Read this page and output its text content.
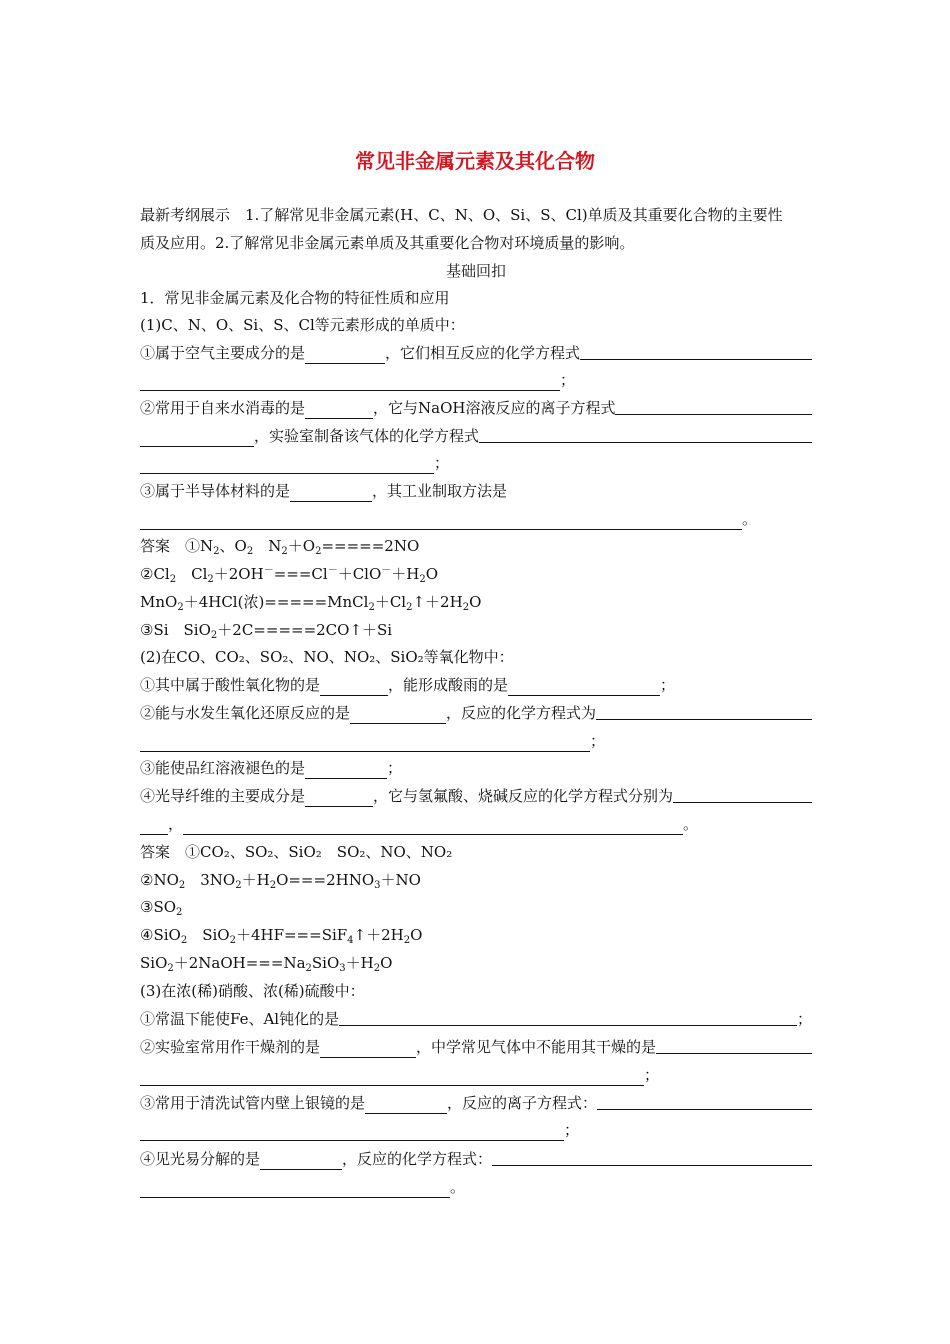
常见非金属元素及其化合物
最新考纲展示　1.了解常见非金属元素(H、C、N、O、Si、S、Cl)单质及其重要化合物的主要性
质及应用。2.了解常见非金属元素单质及其重要化合物对环境质量的影响。
基础回扣
1．常见非金属元素及化合物的特征性质和应用
(1)C、N、O、Si、S、Cl等元素形成的单质中：
①属于空气主要成分的是	，它们相互反应的化学方程式
；
②常用于自来水消毒的是	，它与NaOH溶液反应的离子方程式
，实验室制备该气体的化学方程式
；
③属于半导体材料的是	，其工业制取方法是
。
答案　 $①N_2$、$O_2$　$N_2+O_2=====2NO$
$②Cl_2$　$Cl_2+2OH^-===Cl^-+ClO^-+H_2O$
MnO$_2$＋4HCl(浓)$=====MnCl_2+Cl_2↑+2H_2O$
③Si　SiO$_2$＋2C=====2CO↑＋Si
(2)在CO、CO₂、SO₂、NO、NO₂、SiO₂等氧化物中：
①其中属于酸性氧化物的是	，能形成酸雨的是	；
②能与水发生氧化还原反应的是	，反应的化学方程式为
；
③能使品红溶液褪色的是	；
④光导纤维的主要成分是	，它与氢氟酸、烧碱反应的化学方程式分别为
，	。
答案　 ①CO₂、SO₂、SiO₂　SO₂、NO、NO₂
$②NO_2$　$3NO_2+H_2O===2HNO_3+NO$
$③SO_2$
④SiO$_2$　$SiO_2+4HF===SiF_4↑+2H_2O$
$SiO_2+2NaOH===Na_2SiO_3+H_2O$
(3)在浓(稀)硝酸、浓(稀)硫酸中：
①常温下能使Fe、Al钝化的是	；
②实验室常用作干燥剂的是	，中学常见气体中不能用其干燥的是
；
③常用于清洗试管内壁上银镜的是	，反应的离子方程式：
；
④见光易分解的是	，反应的化学方程式：
。
